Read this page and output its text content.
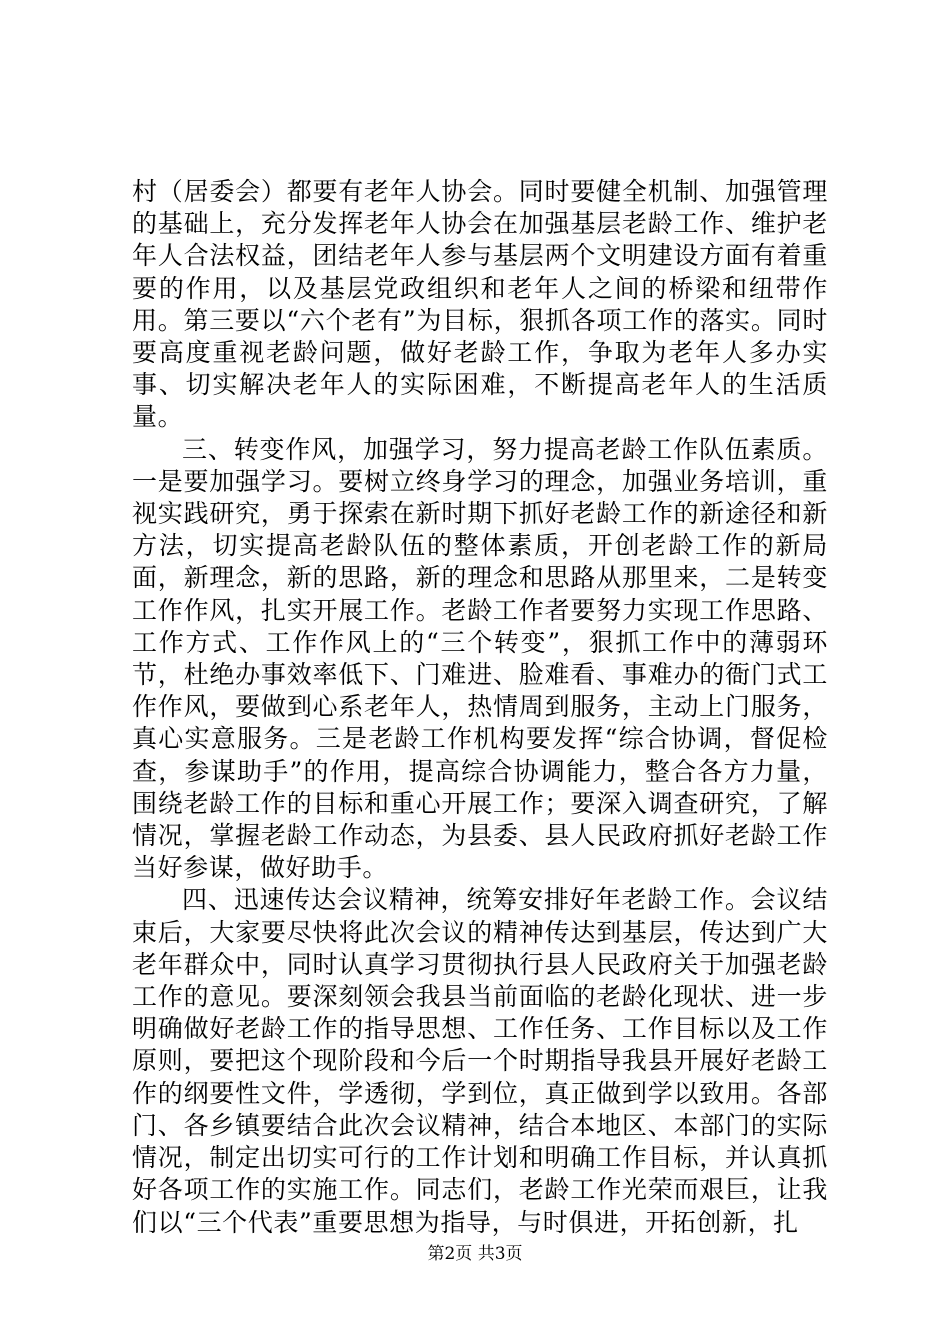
村（居委会）都要有老年人协会。同时要健全机制、加强管理的基础上，充分发挥老年人协会在加强基层老龄工作、维护老年人合法权益，团结老年人参与基层两个文明建设方面有着重要的作用，以及基层党政组织和老年人之间的桥梁和纽带作用。第三要以“六个老有”为目标，狠抓各项工作的落实。同时要高度重视老龄问题，做好老龄工作，争取为老年人多办实事、切实解决老年人的实际困难，不断提高老年人的生活质量。

三、转变作风，加强学习，努力提高老龄工作队伍素质。一是要加强学习。要树立终身学习的理念，加强业务培训，重视实践研究，勇于探索在新时期下抓好老龄工作的新途径和新方法，切实提高老龄队伍的整体素质，开创老龄工作的新局面，新理念，新的思路，新的理念和思路从那里来，二是转变工作作风，扎实开展工作。老龄工作者要努力实现工作思路、工作方式、工作作风上的“三个转变”，狠抓工作中的薄弱环节，杜绝办事效率低下、门难进、脸难看、事难办的衙门式工作作风，要做到心系老年人，热情周到服务，主动上门服务，真心实意服务。三是老龄工作机构要发挥“综合协调，督促检查，参谋助手”的作用，提高综合协调能力，整合各方力量，围绕老龄工作的目标和重心开展工作；要深入调查研究，了解情况，掌握老龄工作动态，为县委、县人民政府抓好老龄工作当好参谋，做好助手。

四、迅速传达会议精神，统筹安排好年老龄工作。会议结束后，大家要尽快将此次会议的精神传达到基层，传达到广大老年群众中，同时认真学习贯彻执行县人民政府关于加强老龄工作的意见。要深刻领会我县当前面临的老龄化现状、进一步明确做好老龄工作的指导思想、工作任务、工作目标以及工作原则，要把这个现阶段和今后一个时期指导我县开展好老龄工作的纲要性文件，学透彻，学到位，真正做到学以致用。各部门、各乡镇要结合此次会议精神，结合本地区、本部门的实际情况，制定出切实可行的工作计划和明确工作目标，并认真抓好各项工作的实施工作。同志们，老龄工作光荣而艰巨，让我们以“三个代表”重要思想为指导，与时俱进，开拓创新，扎

第2页 共3页
